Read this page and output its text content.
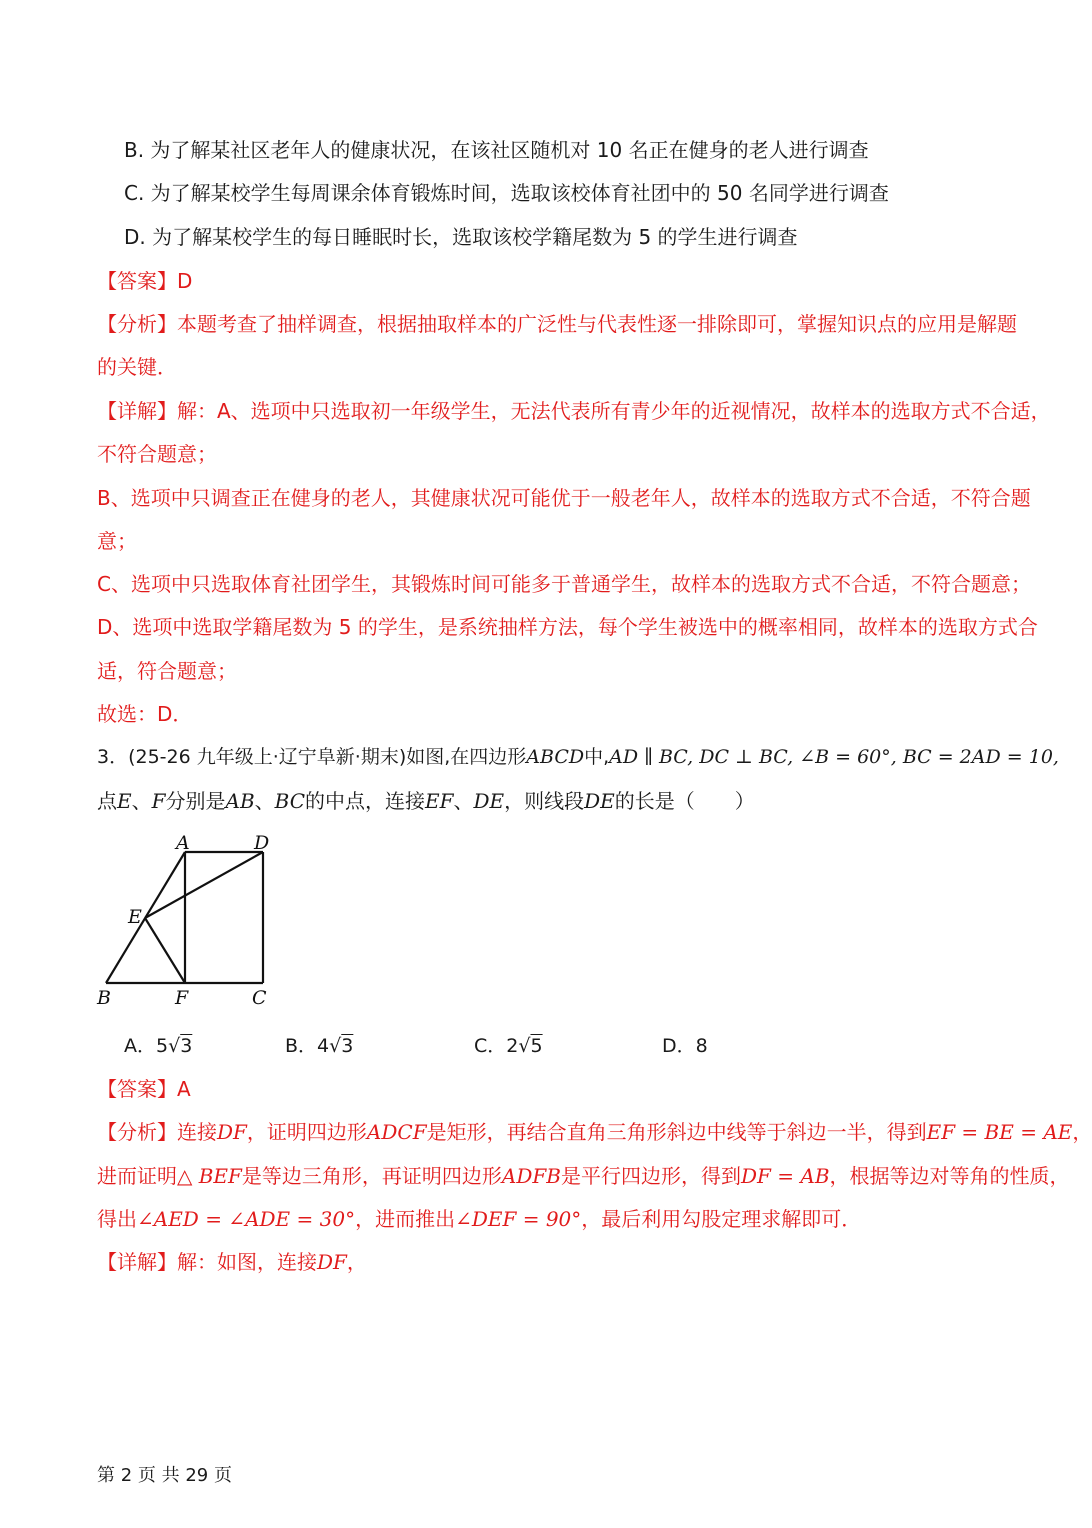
B. 为了解某社区老年人的健康状况，在该社区随机对 10 名正在健身的老人进行调查
C. 为了解某校学生每周课余体育锻炼时间，选取该校体育社团中的 50 名同学进行调查
D. 为了解某校学生的每日睡眠时长，选取该校学籍尾数为 5 的学生进行调查
【答案】D
【分析】本题考查了抽样调查，根据抽取样本的广泛性与代表性逐一排除即可，掌握知识点的应用是解题
的关键．
【详解】解：A、选项中只选取初一年级学生，无法代表所有青少年的近视情况，故样本的选取方式不合适，
不符合题意；
B、选项中只调查正在健身的老人，其健康状况可能优于一般老年人，故样本的选取方式不合适，不符合题
意；
C、选项中只选取体育社团学生，其锻炼时间可能多于普通学生，故样本的选取方式不合适，不符合题意；
D、选项中选取学籍尾数为 5 的学生，是系统抽样方法，每个学生被选中的概率相同，故样本的选取方式合
适，符合题意；
故选：D．
3．(25-26 九年级上·辽宁阜新·期末)如图,在四边形ABCD中,AD ∥ BC, DC ⊥ BC, ∠B = 60°, BC = 2AD = 10,
点E、F分别是AB、BC的中点，连接EF、DE，则线段DE的长是（　　）
A	D
E
B	F	C
A．5√3	B．4√3	C．2√5	D．8
【答案】A
【分析】连接DF，证明四边形ADCF是矩形，再结合直角三角形斜边中线等于斜边一半，得到EF = BE = AE，
进而证明△ BEF是等边三角形，再证明四边形ADFB是平行四边形，得到DF = AB，根据等边对等角的性质，
得出∠AED = ∠ADE = 30°，进而推出∠DEF = 90°，最后利用勾股定理求解即可．
【详解】解：如图，连接DF，
第 2 页 共 29 页
